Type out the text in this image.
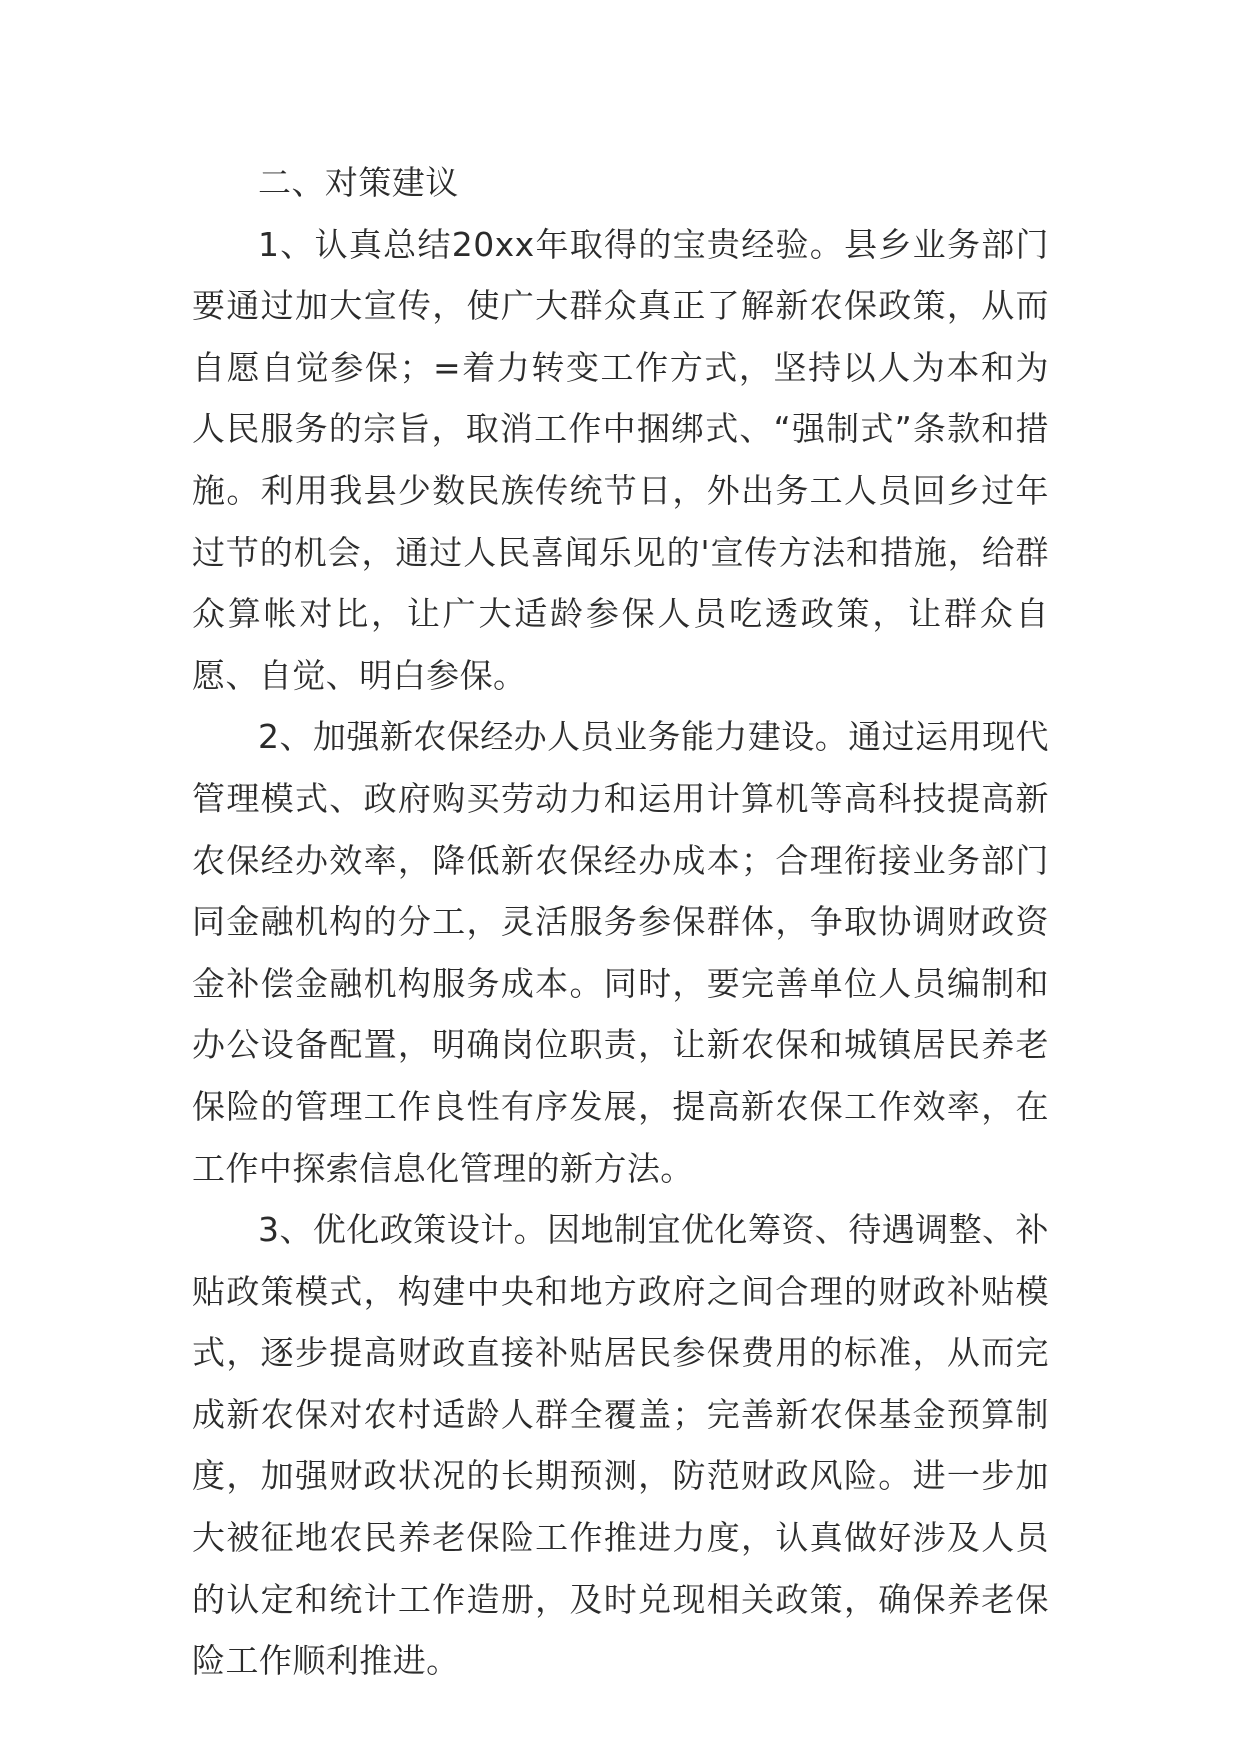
二、对策建议

1、认真总结20xx年取得的宝贵经验。县乡业务部门要通过加大宣传，使广大群众真正了解新农保政策，从而自愿自觉参保；=着力转变工作方式，坚持以人为本和为人民服务的宗旨，取消工作中捆绑式、“强制式”条款和措施。利用我县少数民族传统节日，外出务工人员回乡过年过节的机会，通过人民喜闻乐见的'宣传方法和措施，给群众算帐对比，让广大适龄参保人员吃透政策，让群众自愿、自觉、明白参保。

2、加强新农保经办人员业务能力建设。通过运用现代管理模式、政府购买劳动力和运用计算机等高科技提高新农保经办效率，降低新农保经办成本；合理衔接业务部门同金融机构的分工，灵活服务参保群体，争取协调财政资金补偿金融机构服务成本。同时，要完善单位人员编制和办公设备配置，明确岗位职责，让新农保和城镇居民养老保险的管理工作良性有序发展，提高新农保工作效率，在工作中探索信息化管理的新方法。

3、优化政策设计。因地制宜优化筹资、待遇调整、补贴政策模式，构建中央和地方政府之间合理的财政补贴模式，逐步提高财政直接补贴居民参保费用的标准，从而完成新农保对农村适龄人群全覆盖；完善新农保基金预算制度，加强财政状况的长期预测，防范财政风险。进一步加大被征地农民养老保险工作推进力度，认真做好涉及人员的认定和统计工作造册，及时兑现相关政策，确保养老保险工作顺利推进。
